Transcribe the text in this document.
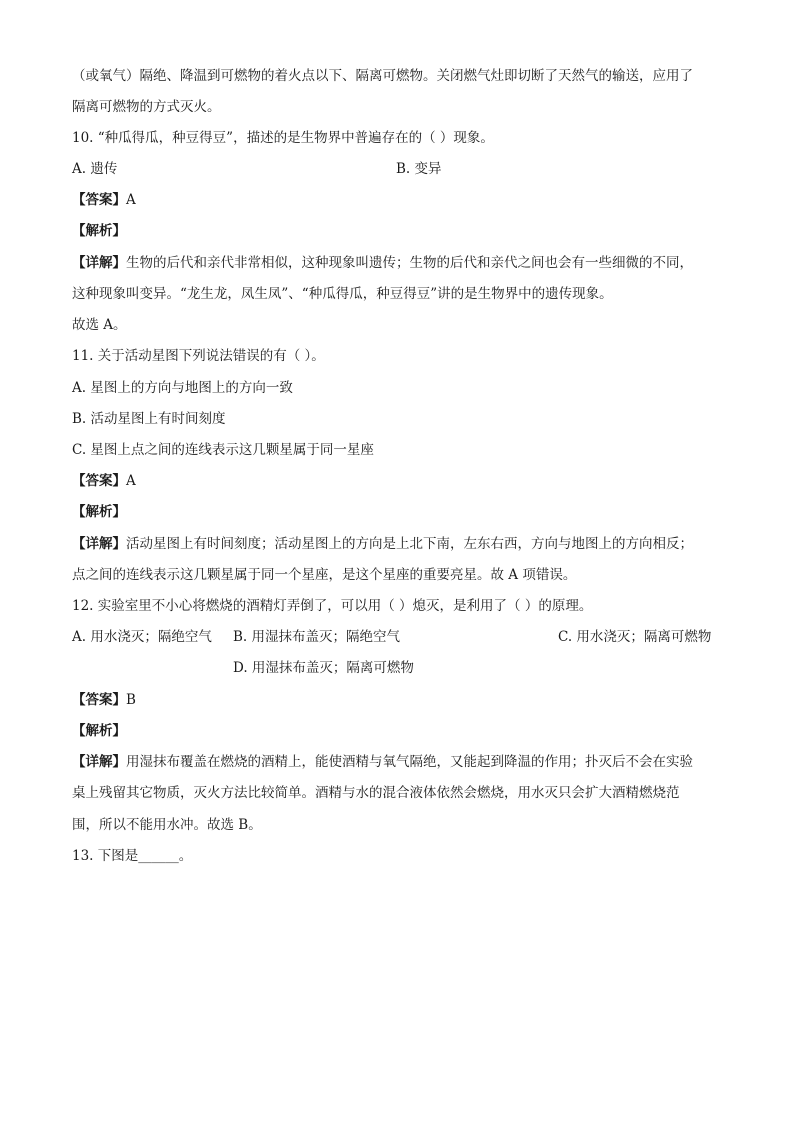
（或氧气）隔绝、降温到可燃物的着火点以下、隔离可燃物。关闭燃气灶即切断了天然气的输送，应用了
隔离可燃物的方式灭火。
10. “种瓜得瓜，种豆得豆”，描述的是生物界中普遍存在的（ ）现象。
A. 遗传	B. 变异
【答案】A
【解析】
【详解】生物的后代和亲代非常相似，这种现象叫遗传；生物的后代和亲代之间也会有一些细微的不同，
这种现象叫变异。“龙生龙，凤生凤”、“种瓜得瓜，种豆得豆”讲的是生物界中的遗传现象。
故选 A。
11. 关于活动星图下列说法错误的有（ ）。
A. 星图上的方向与地图上的方向一致
B. 活动星图上有时间刻度
C. 星图上点之间的连线表示这几颗星属于同一星座
【答案】A
【解析】
【详解】活动星图上有时间刻度；活动星图上的方向是上北下南，左东右西，方向与地图上的方向相反；
点之间的连线表示这几颗星属于同一个星座，是这个星座的重要亮星。故 A 项错误。
12. 实验室里不小心将燃烧的酒精灯弄倒了，可以用（ ）熄灭，是利用了（ ）的原理。
A. 用水浇灭；隔绝空气 B. 用湿抹布盖灭；隔绝空气	C. 用水浇灭；隔离可燃物
D. 用湿抹布盖灭；隔离可燃物
【答案】B
【解析】
【详解】用湿抹布覆盖在燃烧的酒精上，能使酒精与氧气隔绝，又能起到降温的作用；扑灭后不会在实验
桌上残留其它物质，灭火方法比较简单。酒精与水的混合液体依然会燃烧，用水灭只会扩大酒精燃烧范
围，所以不能用水冲。故选 B。
13. 下图是______。
